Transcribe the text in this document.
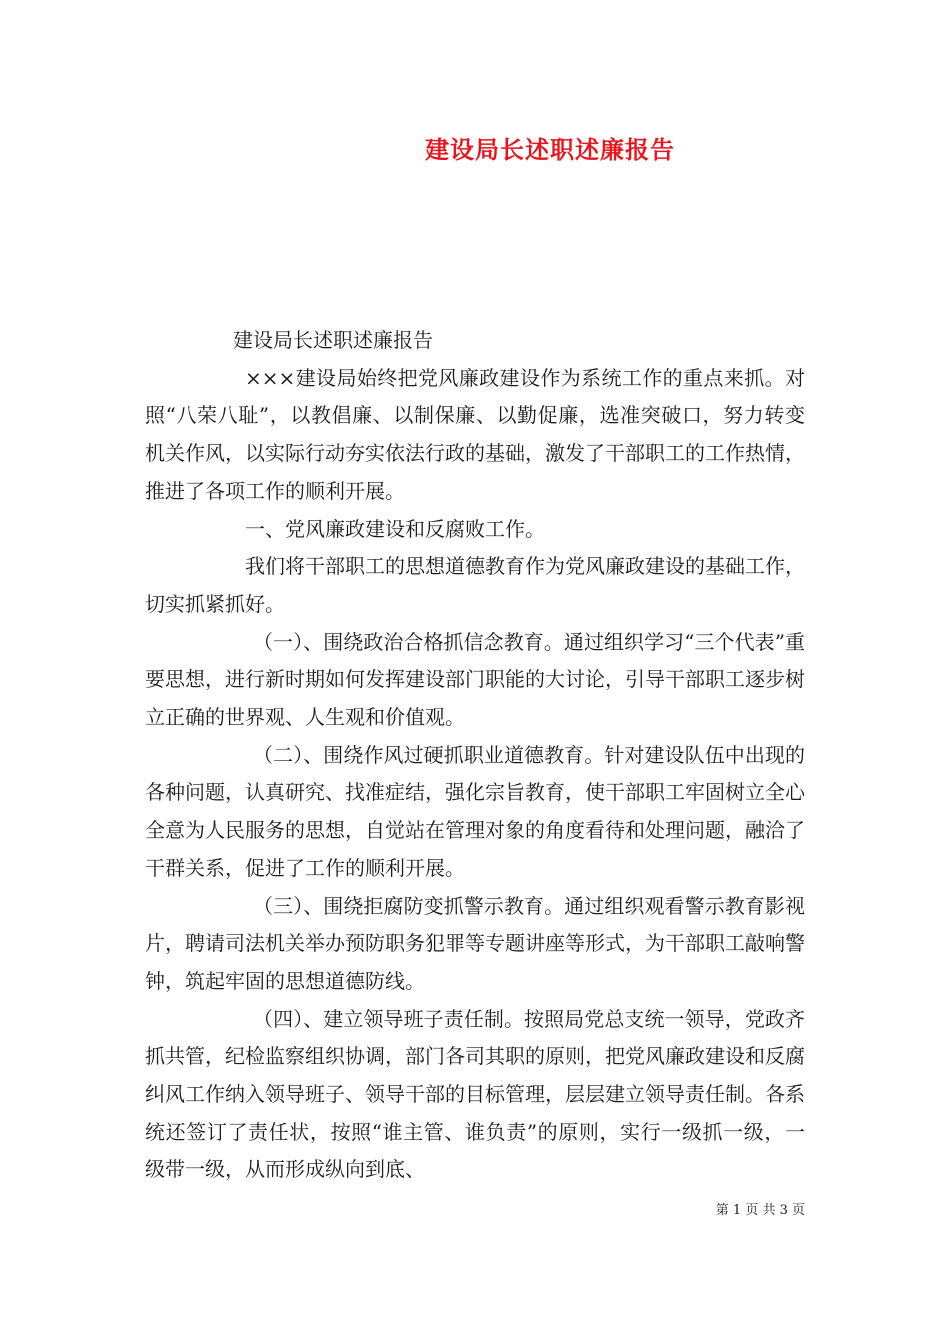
建设局长述职述廉报告

建设局长述职述廉报告

×××建设局始终把党风廉政建设作为系统工作的重点来抓。对照“八荣八耻”，以教倡廉、以制保廉、以勤促廉，选准突破口，努力转变机关作风，以实际行动夯实依法行政的基础，激发了干部职工的工作热情，推进了各项工作的顺利开展。

一、党风廉政建设和反腐败工作。

我们将干部职工的思想道德教育作为党风廉政建设的基础工作，切实抓紧抓好。

（一）、围绕政治合格抓信念教育。通过组织学习“三个代表”重要思想，进行新时期如何发挥建设部门职能的大讨论，引导干部职工逐步树立正确的世界观、人生观和价值观。

（二）、围绕作风过硬抓职业道德教育。针对建设队伍中出现的各种问题，认真研究、找准症结，强化宗旨教育，使干部职工牢固树立全心全意为人民服务的思想，自觉站在管理对象的角度看待和处理问题，融洽了干群关系，促进了工作的顺利开展。

（三）、围绕拒腐防变抓警示教育。通过组织观看警示教育影视片，聘请司法机关举办预防职务犯罪等专题讲座等形式，为干部职工敲响警钟，筑起牢固的思想道德防线。

（四）、建立领导班子责任制。按照局党总支统一领导，党政齐抓共管，纪检监察组织协调，部门各司其职的原则，把党风廉政建设和反腐纠风工作纳入领导班子、领导干部的目标管理，层层建立领导责任制。各系统还签订了责任状，按照“谁主管、谁负责”的原则，实行一级抓一级，一级带一级，从而形成纵向到底、

第 1 页 共 3 页
